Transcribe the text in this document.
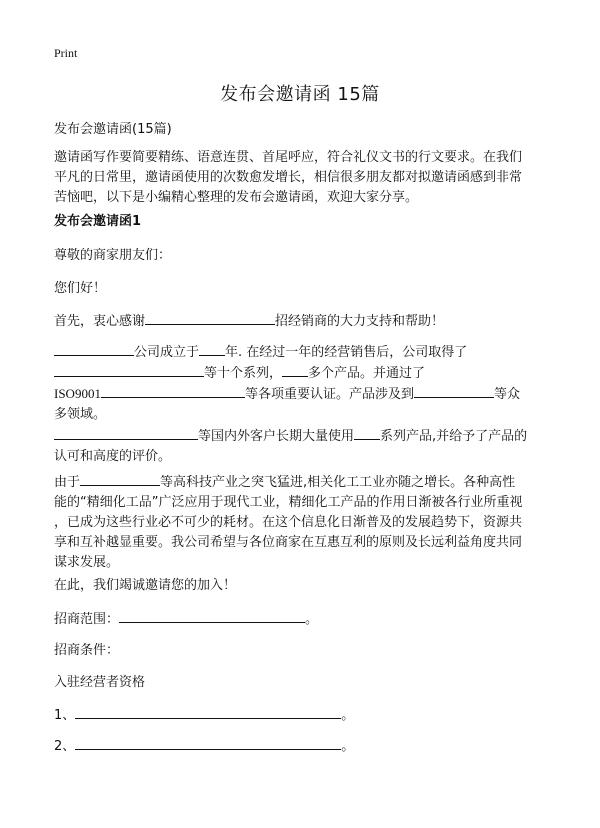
Print
发布会邀请函 15篇
发布会邀请函(15篇)
邀请函写作要简要精练、语意连贯、首尾呼应，符合礼仪文书的行文要求。在我们
平凡的日常里，邀请函使用的次数愈发增长，相信很多朋友都对拟邀请函感到非常
苦恼吧，以下是小编精心整理的发布会邀请函，欢迎大家分享。
发布会邀请函1
尊敬的商家朋友们：
您们好！
首先，衷心感谢	招经销商的大力支持和帮助！
公司成立于 年. 在经过一年的经营销售后，公司取得了
等十个系列， 多个产品。并通过了
ISO9001	等各项重要认证。产品涉及到	等众
多领域。
等国内外客户长期大量使用 系列产品,并给予了产品的
认可和高度的评价。
由于	等高科技产业之突飞猛进,相关化工工业亦随之增长。各种高性
能的“精细化工品”广泛应用于现代工业，精细化工产品的作用日渐被各行业所重视
，已成为这些行业必不可少的耗材。在这个信息化日渐普及的发展趋势下，资源共
享和互补越显重要。我公司希望与各位商家在互惠互利的原则及长远利益角度共同
谋求发展。
在此，我们竭诚邀请您的加入！
招商范围：	。
招商条件：
入驻经营者资格
1、	。
2、	。
